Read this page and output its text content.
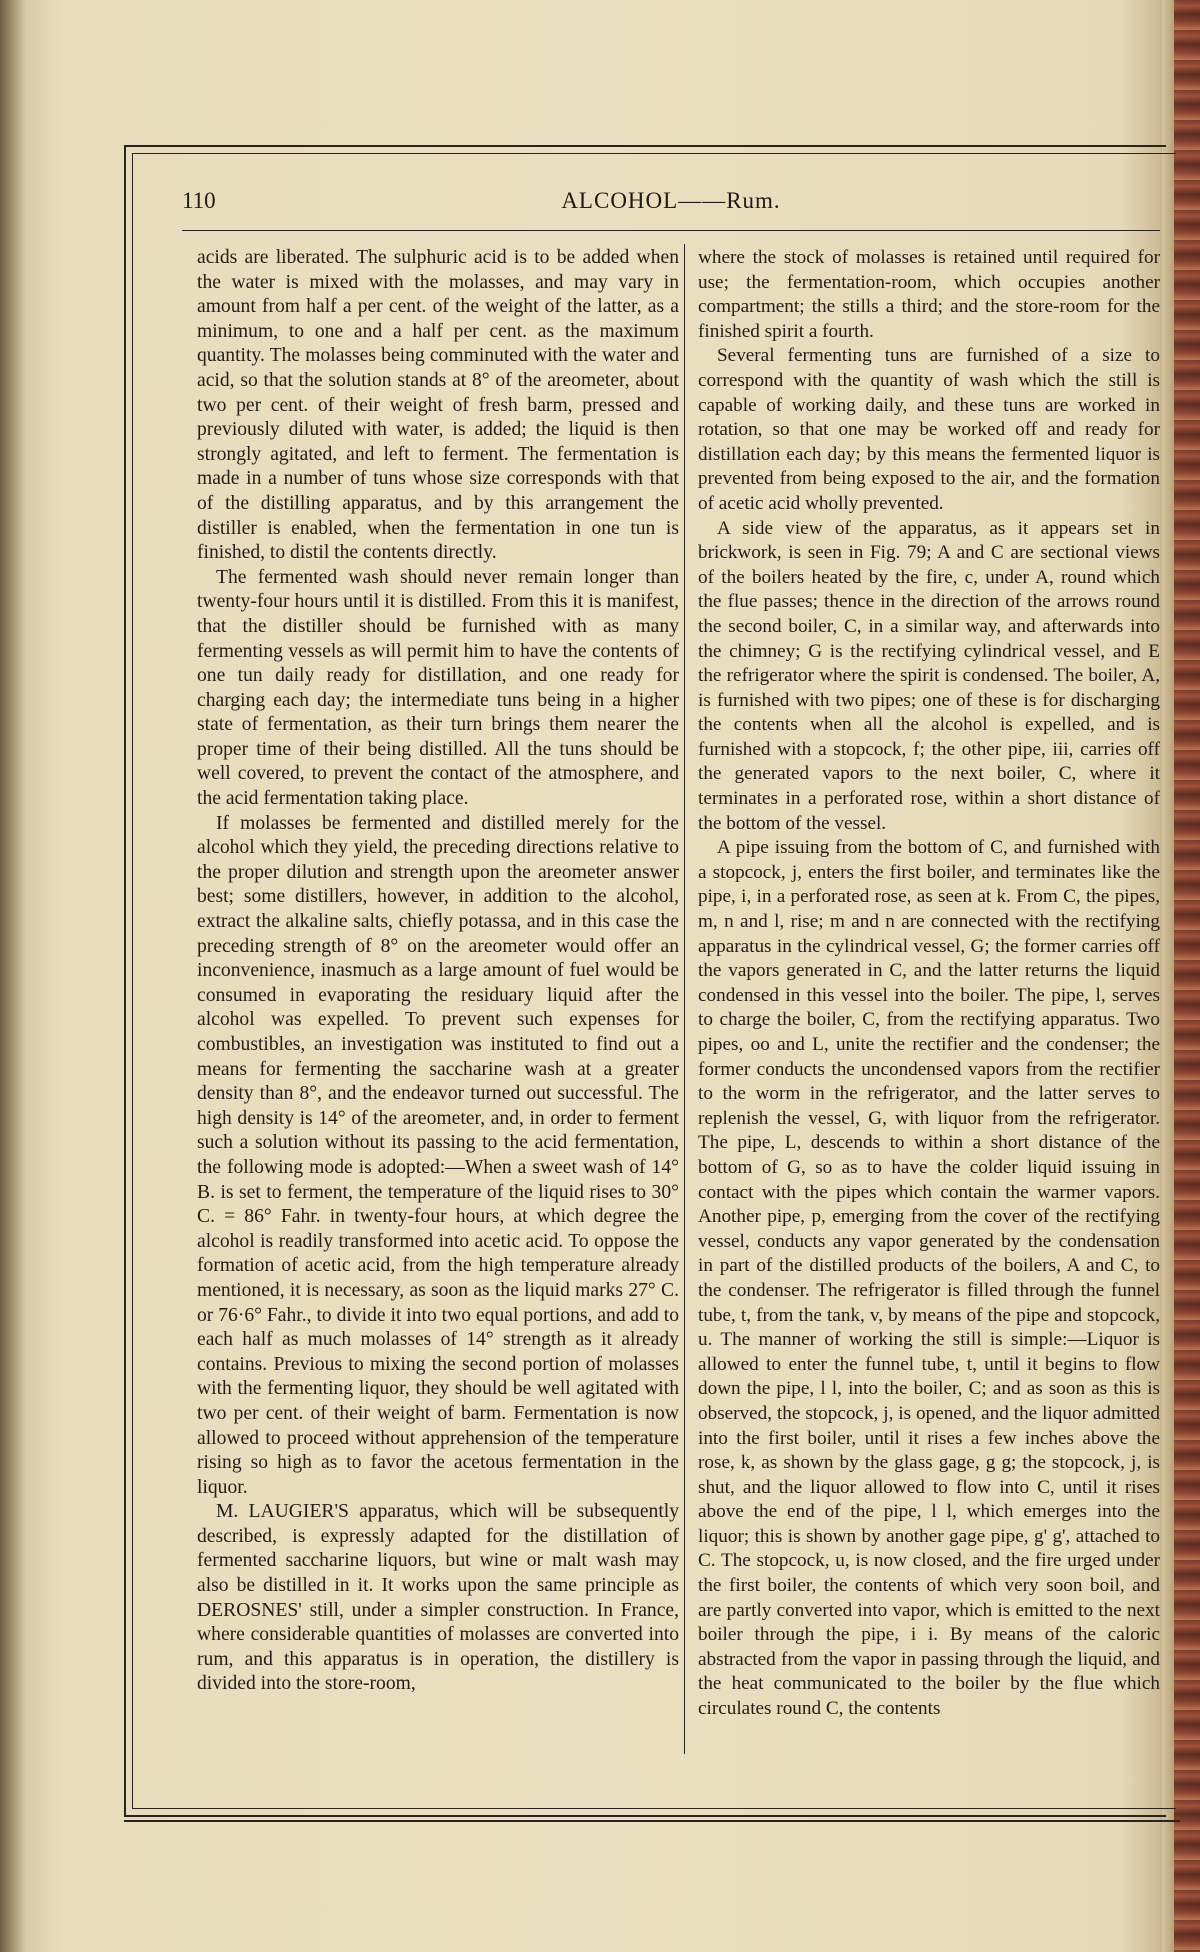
110	ALCOHOL——Rum.

acids are liberated. The sulphuric acid is to be added when the water is mixed with the molasses, and may vary in amount from half a per cent. of the weight of the latter, as a minimum, to one and a half per cent. as the maximum quantity. The molasses being comminuted with the water and acid, so that the solution stands at 8° of the areometer, about two per cent. of their weight of fresh barm, pressed and previously diluted with water, is added; the liquid is then strongly agitated, and left to ferment. The fermentation is made in a number of tuns whose size corresponds with that of the distilling apparatus, and by this arrangement the distiller is enabled, when the fermentation in one tun is finished, to distil the contents directly.

The fermented wash should never remain longer than twenty-four hours until it is distilled. From this it is manifest, that the distiller should be furnished with as many fermenting vessels as will permit him to have the contents of one tun daily ready for distillation, and one ready for charging each day; the intermediate tuns being in a higher state of fermentation, as their turn brings them nearer the proper time of their being distilled. All the tuns should be well covered, to prevent the contact of the atmosphere, and the acid fermentation taking place.

If molasses be fermented and distilled merely for the alcohol which they yield, the preceding directions relative to the proper dilution and strength upon the areometer answer best; some distillers, however, in addition to the alcohol, extract the alkaline salts, chiefly potassa, and in this case the preceding strength of 8° on the areometer would offer an inconvenience, inasmuch as a large amount of fuel would be consumed in evaporating the residuary liquid after the alcohol was expelled. To prevent such expenses for combustibles, an investigation was instituted to find out a means for fermenting the saccharine wash at a greater density than 8°, and the endeavor turned out successful. The high density is 14° of the areometer, and, in order to ferment such a solution without its passing to the acid fermentation, the following mode is adopted:—When a sweet wash of 14° B. is set to ferment, the temperature of the liquid rises to 30° C. = 86° Fahr. in twenty-four hours, at which degree the alcohol is readily transformed into acetic acid. To oppose the formation of acetic acid, from the high temperature already mentioned, it is necessary, as soon as the liquid marks 27° C. or 76·6° Fahr., to divide it into two equal portions, and add to each half as much molasses of 14° strength as it already contains. Previous to mixing the second portion of molasses with the fermenting liquor, they should be well agitated with two per cent. of their weight of barm. Fermentation is now allowed to proceed without apprehension of the temperature rising so high as to favor the acetous fermentation in the liquor.

M. LAUGIER'S apparatus, which will be subsequently described, is expressly adapted for the distillation of fermented saccharine liquors, but wine or malt wash may also be distilled in it. It works upon the same principle as DEROSNES' still, under a simpler construction. In France, where considerable quantities of molasses are converted into rum, and this apparatus is in operation, the distillery is divided into the store-room,

where the stock of molasses is retained until required for use; the fermentation-room, which occupies another compartment; the stills a third; and the store-room for the finished spirit a fourth.

Several fermenting tuns are furnished of a size to correspond with the quantity of wash which the still is capable of working daily, and these tuns are worked in rotation, so that one may be worked off and ready for distillation each day; by this means the fermented liquor is prevented from being exposed to the air, and the formation of acetic acid wholly prevented.

A side view of the apparatus, as it appears set in brickwork, is seen in Fig. 79; A and C are sectional views of the boilers heated by the fire, c, under A, round which the flue passes; thence in the direction of the arrows round the second boiler, C, in a similar way, and afterwards into the chimney; G is the rectifying cylindrical vessel, and E the refrigerator where the spirit is condensed. The boiler, A, is furnished with two pipes; one of these is for discharging the contents when all the alcohol is expelled, and is furnished with a stopcock, f; the other pipe, iii, carries off the generated vapors to the next boiler, C, where it terminates in a perforated rose, within a short distance of the bottom of the vessel.

A pipe issuing from the bottom of C, and furnished with a stopcock, j, enters the first boiler, and terminates like the pipe, i, in a perforated rose, as seen at k. From C, the pipes, m, n and l, rise; m and n are connected with the rectifying apparatus in the cylindrical vessel, G; the former carries off the vapors generated in C, and the latter returns the liquid condensed in this vessel into the boiler. The pipe, l, serves to charge the boiler, C, from the rectifying apparatus. Two pipes, oo and L, unite the rectifier and the condenser; the former conducts the uncondensed vapors from the rectifier to the worm in the refrigerator, and the latter serves to replenish the vessel, G, with liquor from the refrigerator. The pipe, L, descends to within a short distance of the bottom of G, so as to have the colder liquid issuing in contact with the pipes which contain the warmer vapors. Another pipe, p, emerging from the cover of the rectifying vessel, conducts any vapor generated by the condensation in part of the distilled products of the boilers, A and C, to the condenser. The refrigerator is filled through the funnel tube, t, from the tank, v, by means of the pipe and stopcock, u. The manner of working the still is simple:—Liquor is allowed to enter the funnel tube, t, until it begins to flow down the pipe, l l, into the boiler, C; and as soon as this is observed, the stopcock, j, is opened, and the liquor admitted into the first boiler, until it rises a few inches above the rose, k, as shown by the glass gage, g g; the stopcock, j, is shut, and the liquor allowed to flow into C, until it rises above the end of the pipe, l l, which emerges into the liquor; this is shown by another gage pipe, g' g', attached to C. The stopcock, u, is now closed, and the fire urged under the first boiler, the contents of which very soon boil, and are partly converted into vapor, which is emitted to the next boiler through the pipe, i i. By means of the caloric abstracted from the vapor in passing through the liquid, and the heat communicated to the boiler by the flue which circulates round C, the contents
